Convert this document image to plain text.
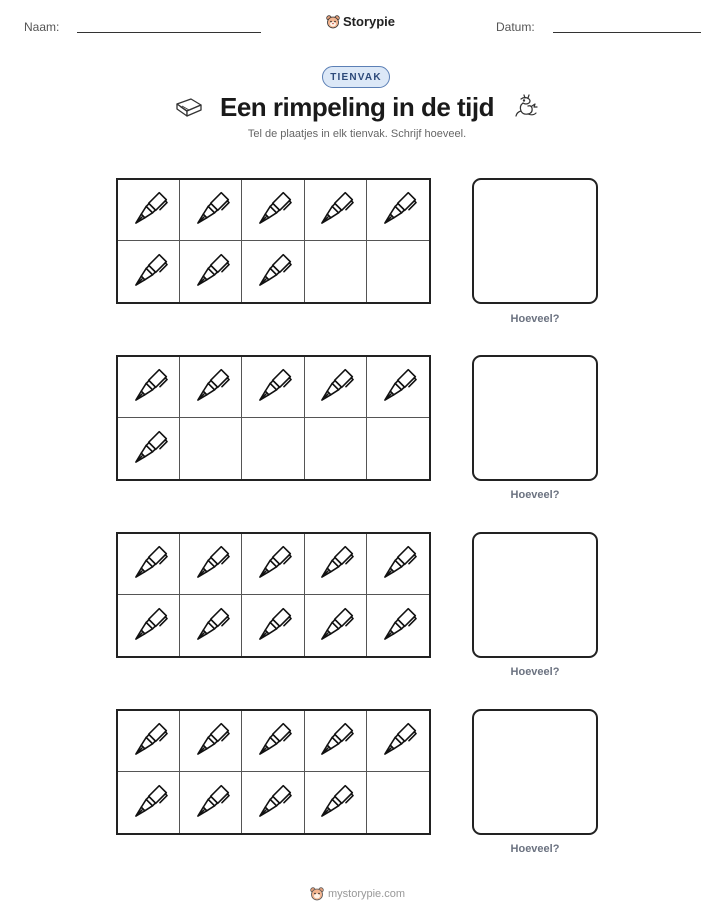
Naam:	Storypie	Datum:
TIENVAK
Een rimpeling in de tijd
Tel de plaatjes in elk tienvak. Schrijf hoeveel.
Hoeveel?
Hoeveel?
Hoeveel?
Hoeveel?
mystorypie.com
